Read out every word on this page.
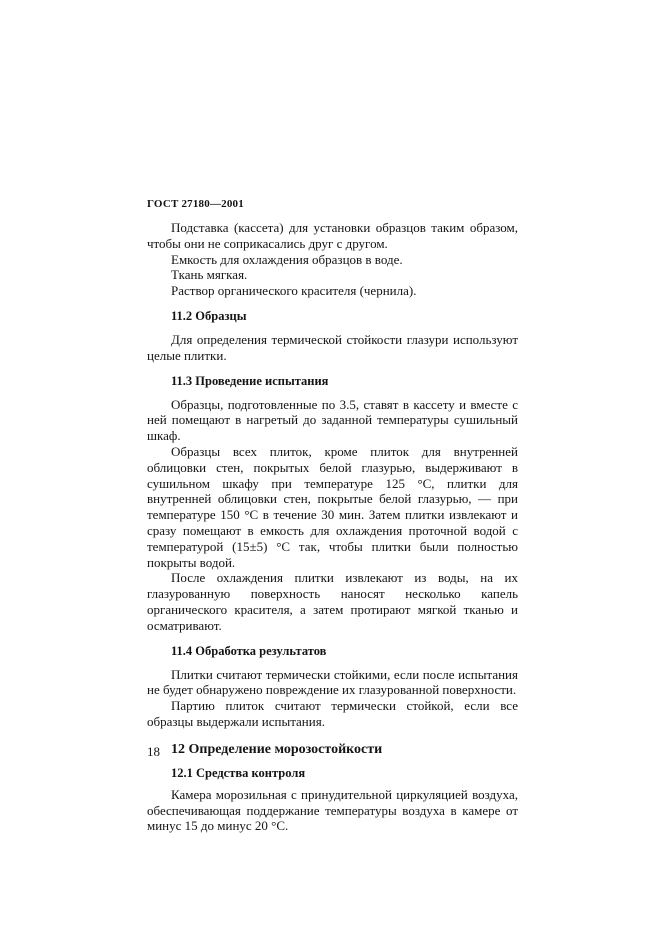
ГОСТ 27180—2001

Подставка (кассета) для установки образцов таким образом, чтобы они не соприкасались друг с другом.

Емкость для охлаждения образцов в воде.

Ткань мягкая.

Раствор органического красителя (чернила).

11.2 Образцы

Для определения термической стойкости глазури используют целые плитки.

11.3 Проведение испытания

Образцы, подготовленные по 3.5, ставят в кассету и вместе с ней помещают в нагретый до заданной температуры сушильный шкаф.

Образцы всех плиток, кроме плиток для внутренней облицовки стен, покрытых белой глазурью, выдерживают в сушильном шкафу при температуре 125 °С, плитки для внутренней облицовки стен, покрытые белой глазурью, — при температуре 150 °С в течение 30 мин. Затем плитки извлекают и сразу помещают в емкость для охлаждения проточной водой с температурой (15±5) °С так, чтобы плитки были полностью покрыты водой.

После охлаждения плитки извлекают из воды, на их глазурованную поверхность наносят несколько капель органического красителя, а затем протирают мягкой тканью и осматривают.

11.4 Обработка результатов

Плитки считают термически стойкими, если после испытания не будет обнаружено повреждение их глазурованной поверхности.

Партию плиток считают термически стойкой, если все образцы выдержали испытания.

12 Определение морозостойкости
12.1 Средства контроля

Камера морозильная с принудительной циркуляцией воздуха, обеспечивающая поддержание температуры воздуха в камере от минус 15 до минус 20 °С.

18
